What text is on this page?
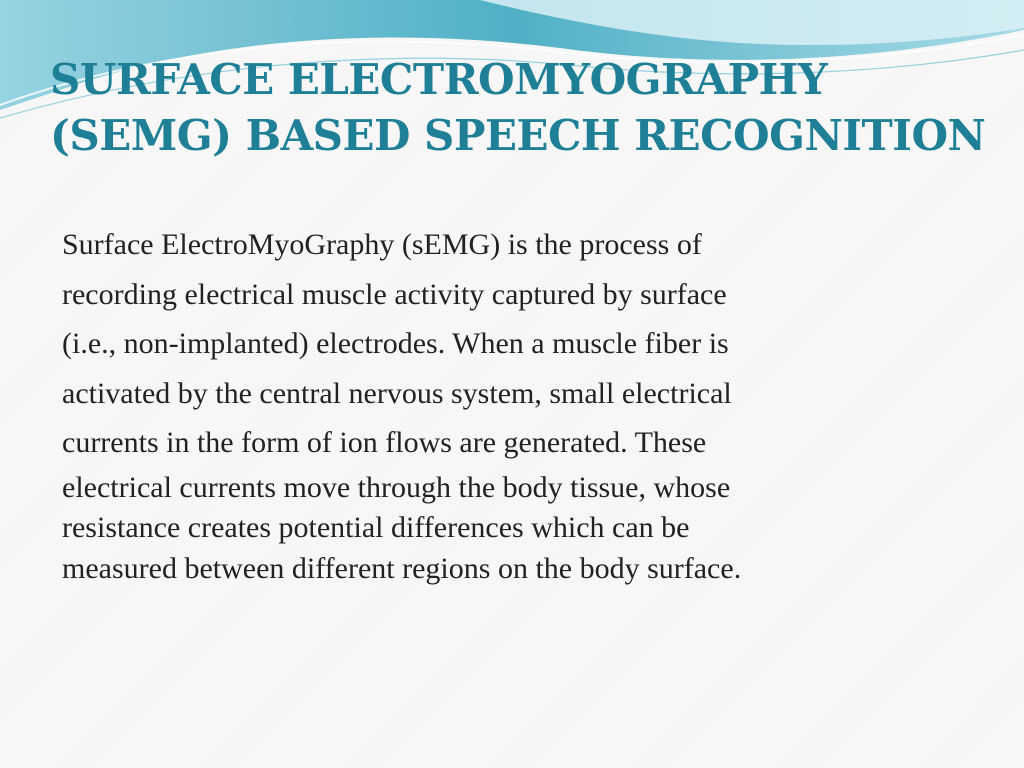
SURFACE ELECTROMYOGRAPHY
(SEMG) BASED SPEECH RECOGNITION
Surface ElectroMyoGraphy (sEMG) is the process of
recording electrical muscle activity captured by surface
(i.e., non-implanted) electrodes. When a muscle fiber is
activated by the central nervous system, small electrical
currents in the form of ion flows are generated. These
electrical currents move through the body tissue, whose
resistance creates potential differences which can be
measured between different regions on the body surface.
